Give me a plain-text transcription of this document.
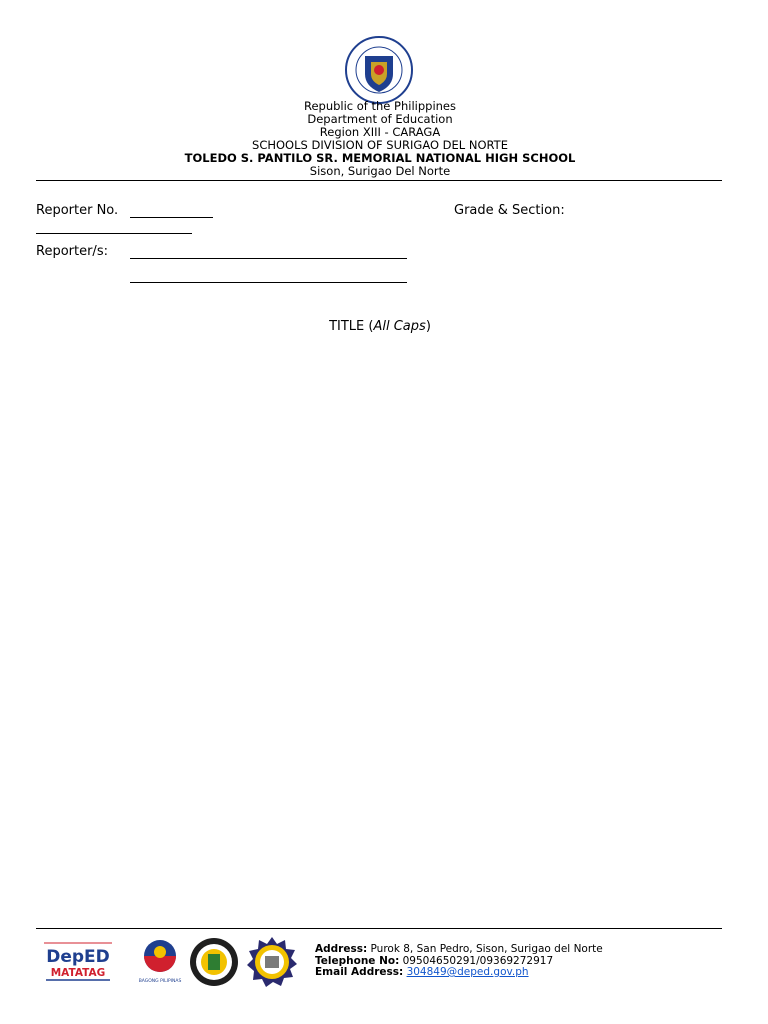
Republic of the Philippines
Department of Education
Region XIII - CARAGA
SCHOOLS DIVISION OF SURIGAO DEL NORTE
TOLEDO S. PANTILO SR. MEMORIAL NATIONAL HIGH SCHOOL
Sison, Surigao Del Norte
Reporter No.	Grade & Section:
Reporter/s:
TITLE (All Caps)
DepED
MATATAG
BAGONG PILIPINAS
Address: Purok 8, San Pedro, Sison, Surigao del Norte
Telephone No: 09504650291/09369272917
Email Address: 304849@deped.gov.ph
